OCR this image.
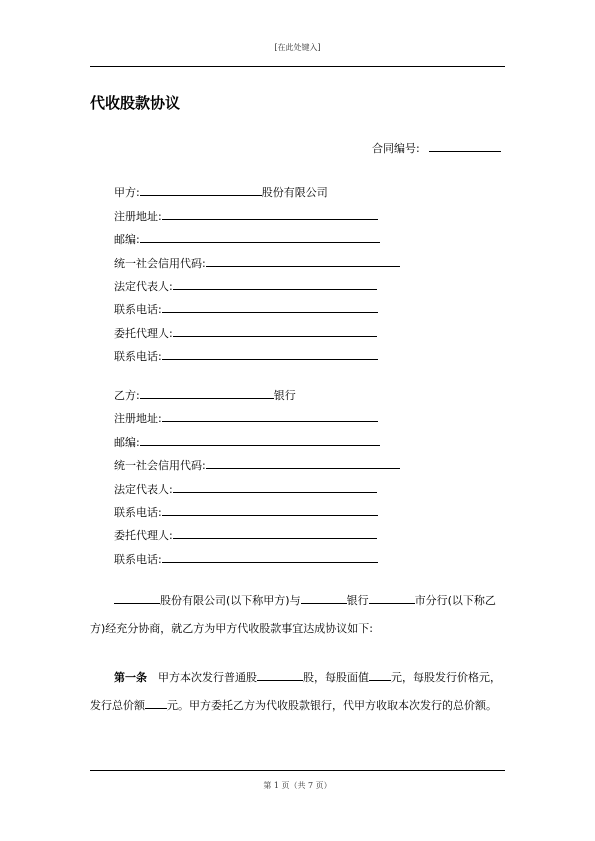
[在此处键入]
代收股款协议
合同编号:
甲方:	股份有限公司
注册地址:
邮编:
统一社会信用代码:
法定代表人:
联系电话:
委托代理人:
联系电话:
乙方:	银行
注册地址:
邮编:
统一社会信用代码:
法定代表人:
联系电话:
委托代理人:
联系电话:
股份有限公司(以下称甲方)与	银行	市分行(以下称乙方)经充分协商，就乙方为甲方代收股款事宜达成协议如下:
第一条　 甲方本次发行普通股	股，每股面值 元，每股发行价格元，发行总价额 元。甲方委托乙方为代收股款银行，代甲方收取本次发行的总价额。
第 1 页（共 7 页）
